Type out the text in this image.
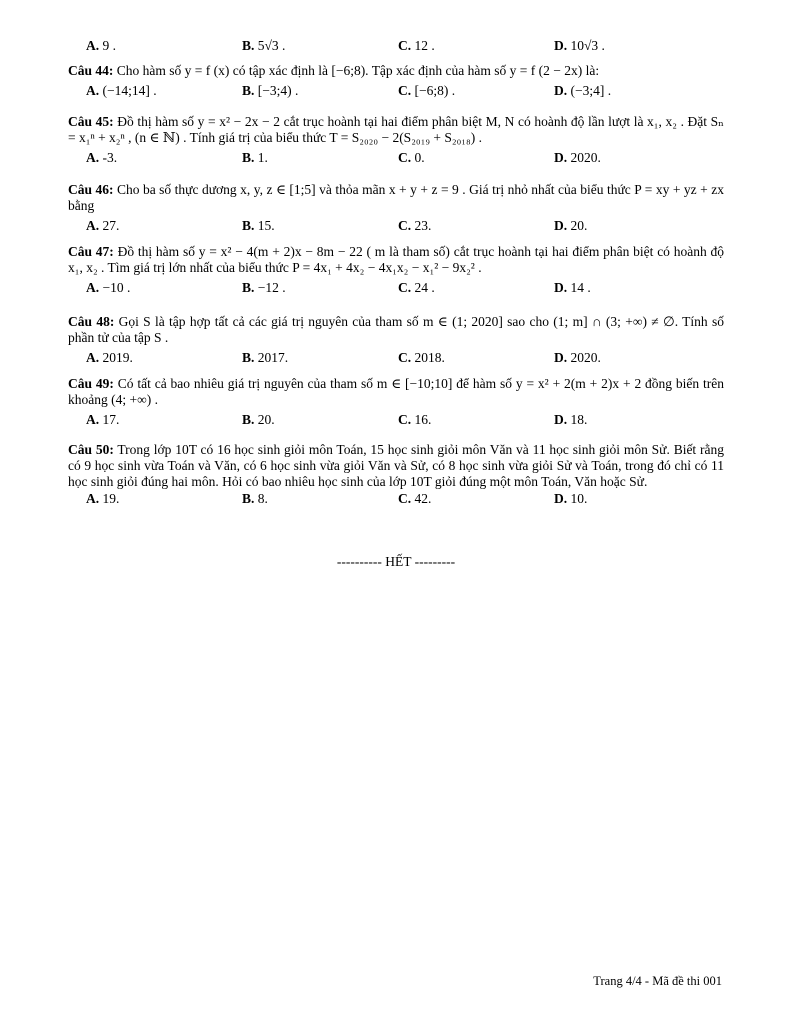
A. 9 .	B. 5√3 .	C. 12 .	D. 10√3 .
Câu 44: Cho hàm số y = f (x) có tập xác định là [−6;8). Tập xác định của hàm số y = f (2 − 2x) là:
A. (−14;14] .	B. [−3;4) .	C. [−6;8) .	D. (−3;4] .
Câu 45: Đồ thị hàm số y = x² − 2x − 2 cắt trục hoành tại hai điểm phân biệt M, N có hoành độ lần lượt là x₁, x₂ . Đặt Sₙ = x₁ⁿ + x₂ⁿ , (n ∈ ℕ) . Tính giá trị của biểu thức T = S₂₀₂₀ − 2(S₂₀₁₉ + S₂₀₁₈) .
A. -3.	B. 1.	C. 0.	D. 2020.
Câu 46: Cho ba số thực dương x, y, z ∈ [1;5] và thỏa mãn x + y + z = 9 . Giá trị nhỏ nhất của biểu thức P = xy + yz + zx bằng
A. 27.	B. 15.	C. 23.	D. 20.
Câu 47: Đồ thị hàm số y = x² − 4(m + 2)x − 8m − 22 ( m là tham số) cắt trục hoành tại hai điểm phân biệt có hoành độ x₁, x₂ . Tìm giá trị lớn nhất của biểu thức P = 4x₁ + 4x₂ − 4x₁x₂ − x₁² − 9x₂² .
A. −10 .	B. −12 .	C. 24 .	D. 14 .
Câu 48: Gọi S là tập hợp tất cả các giá trị nguyên của tham số m ∈ (1; 2020] sao cho (1; m] ∩ (3; +∞) ≠ ∅. Tính số phần tử của tập S .
A. 2019.	B. 2017.	C. 2018.	D. 2020.
Câu 49: Có tất cả bao nhiêu giá trị nguyên của tham số m ∈ [−10;10] để hàm số y = x² + 2(m + 2)x + 2 đồng biến trên khoảng (4; +∞) .
A. 17.	B. 20.	C. 16.	D. 18.
Câu 50: Trong lớp 10T có 16 học sinh giỏi môn Toán, 15 học sinh giỏi môn Văn và 11 học sinh giỏi môn Sử. Biết rằng có 9 học sinh vừa Toán và Văn, có 6 học sinh vừa giỏi Văn và Sử, có 8 học sinh vừa giỏi Sử và Toán, trong đó chỉ có 11 học sinh giỏi đúng hai môn. Hỏi có bao nhiêu học sinh của lớp 10T giỏi đúng một môn Toán, Văn hoặc Sử.
A. 19.	B. 8.	C. 42.	D. 10.
---------- HẾT ---------
Trang 4/4 - Mã đề thi 001
